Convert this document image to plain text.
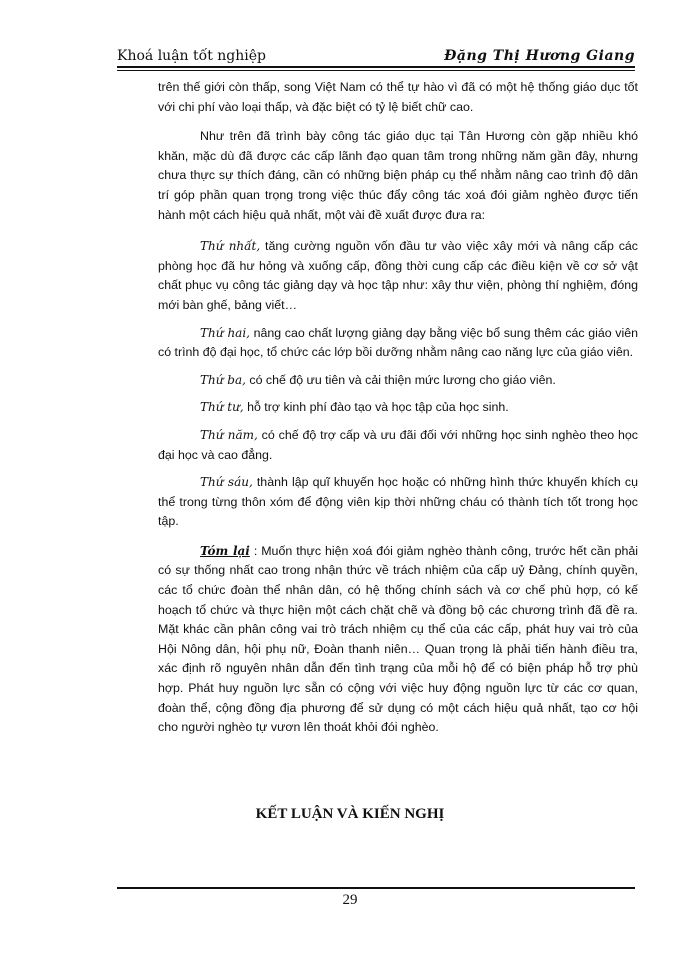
Khoá luận tốt nghiệp	Đặng Thị Hương Giang

trên thế giới còn thấp, song Việt Nam có thể tự hào vì đã có một hệ thống giáo dục tốt với chi phí vào loại thấp, và đặc biệt có tỷ lệ biết chữ cao.

Như trên đã trình bày công tác giáo dục tại Tân Hương còn gặp nhiều khó khăn, mặc dù đã được các cấp lãnh đạo quan tâm trong những năm gần đây, nhưng chưa thực sự thích đáng, cần có những biện pháp cụ thể nhằm nâng cao trình độ dân trí góp phần quan trọng trong việc thúc đẩy công tác xoá đói giảm nghèo được tiến hành một cách hiệu quả nhất, một vài đề xuất được đưa ra:

Thứ nhất, tăng cường nguồn vốn đầu tư vào việc xây mới và nâng cấp các phòng học đã hư hỏng và xuống cấp, đồng thời cung cấp các điều kiện về cơ sở vật chất phục vụ công tác giảng dạy và học tập như: xây thư viện, phòng thí nghiệm, đóng mới bàn ghế, bảng viết…

Thứ hai, nâng cao chất lượng giảng dạy bằng việc bổ sung thêm các giáo viên có trình độ đại học, tổ chức các lớp bồi dưỡng nhằm nâng cao năng lực của giáo viên.

Thứ ba, có chế độ ưu tiên và cải thiện mức lương cho giáo viên.

Thứ tư, hỗ trợ kinh phí đào tạo và học tập của học sinh.

Thứ năm, có chế độ trợ cấp và ưu đãi đối với những học sinh nghèo theo học đại học và cao đẳng.

Thứ sáu, thành lập quĩ khuyến học hoặc có những hình thức khuyến khích cụ thể trong từng thôn xóm để động viên kịp thời những cháu có thành tích tốt trong học tập.

Tóm lại : Muốn thực hiện xoá đói giảm nghèo thành công, trước hết cần phải có sự thống nhất cao trong nhận thức về trách nhiệm của cấp uỷ Đảng, chính quyền, các tổ chức đoàn thể nhân dân, có hệ thống chính sách và cơ chế phù hợp, có kế hoạch tổ chức và thực hiện một cách chặt chẽ và đồng bộ các chương trình đã đề ra. Mặt khác cần phân công vai trò trách nhiệm cụ thể của các cấp, phát huy vai trò của Hội Nông dân, hội phụ nữ, Đoàn thanh niên… Quan trọng là phải tiến hành điều tra, xác định rõ nguyên nhân dẫn đến tình trạng của mỗi hộ để có biện pháp hỗ trợ phù hợp. Phát huy nguồn lực sẵn có cộng với việc huy động nguồn lực từ các cơ quan, đoàn thể, cộng đồng địa phương để sử dụng có một cách hiệu quả nhất, tạo cơ hội cho người nghèo tự vươn lên thoát khỏi đói nghèo.

KẾT LUẬN VÀ KIẾN NGHỊ
29
